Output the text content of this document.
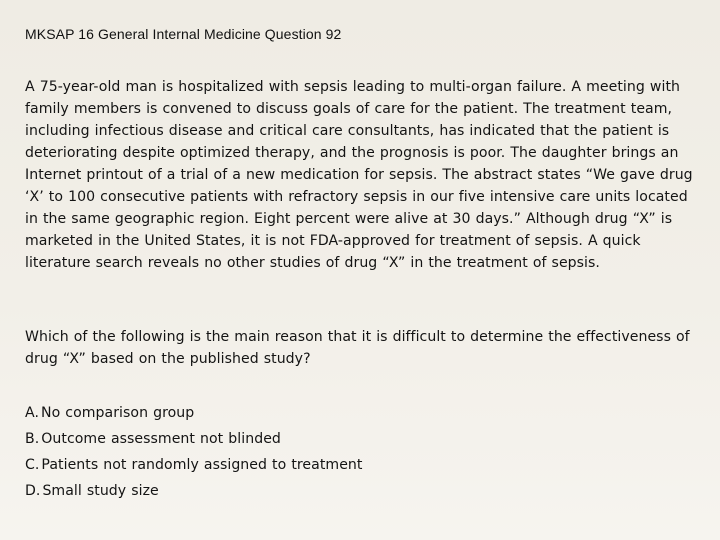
MKSAP 16 General Internal Medicine Question 92

A 75-year-old man is hospitalized with sepsis leading to multi-organ failure. A meeting with family members is convened to discuss goals of care for the patient. The treatment team, including infectious disease and critical care consultants, has indicated that the patient is deteriorating despite optimized therapy, and the prognosis is poor. The daughter brings an Internet printout of a trial of a new medication for sepsis. The abstract states “We gave drug ‘X’ to 100 consecutive patients with refractory sepsis in our five intensive care units located in the same geographic region. Eight percent were alive at 30 days.” Although drug “X” is marketed in the United States, it is not FDA-approved for treatment of sepsis. A quick literature search reveals no other studies of drug “X” in the treatment of sepsis.

Which of the following is the main reason that it is difficult to determine the effectiveness of drug “X” based on the published study?

A. No comparison group
B. Outcome assessment not blinded
C. Patients not randomly assigned to treatment
D. Small study size
